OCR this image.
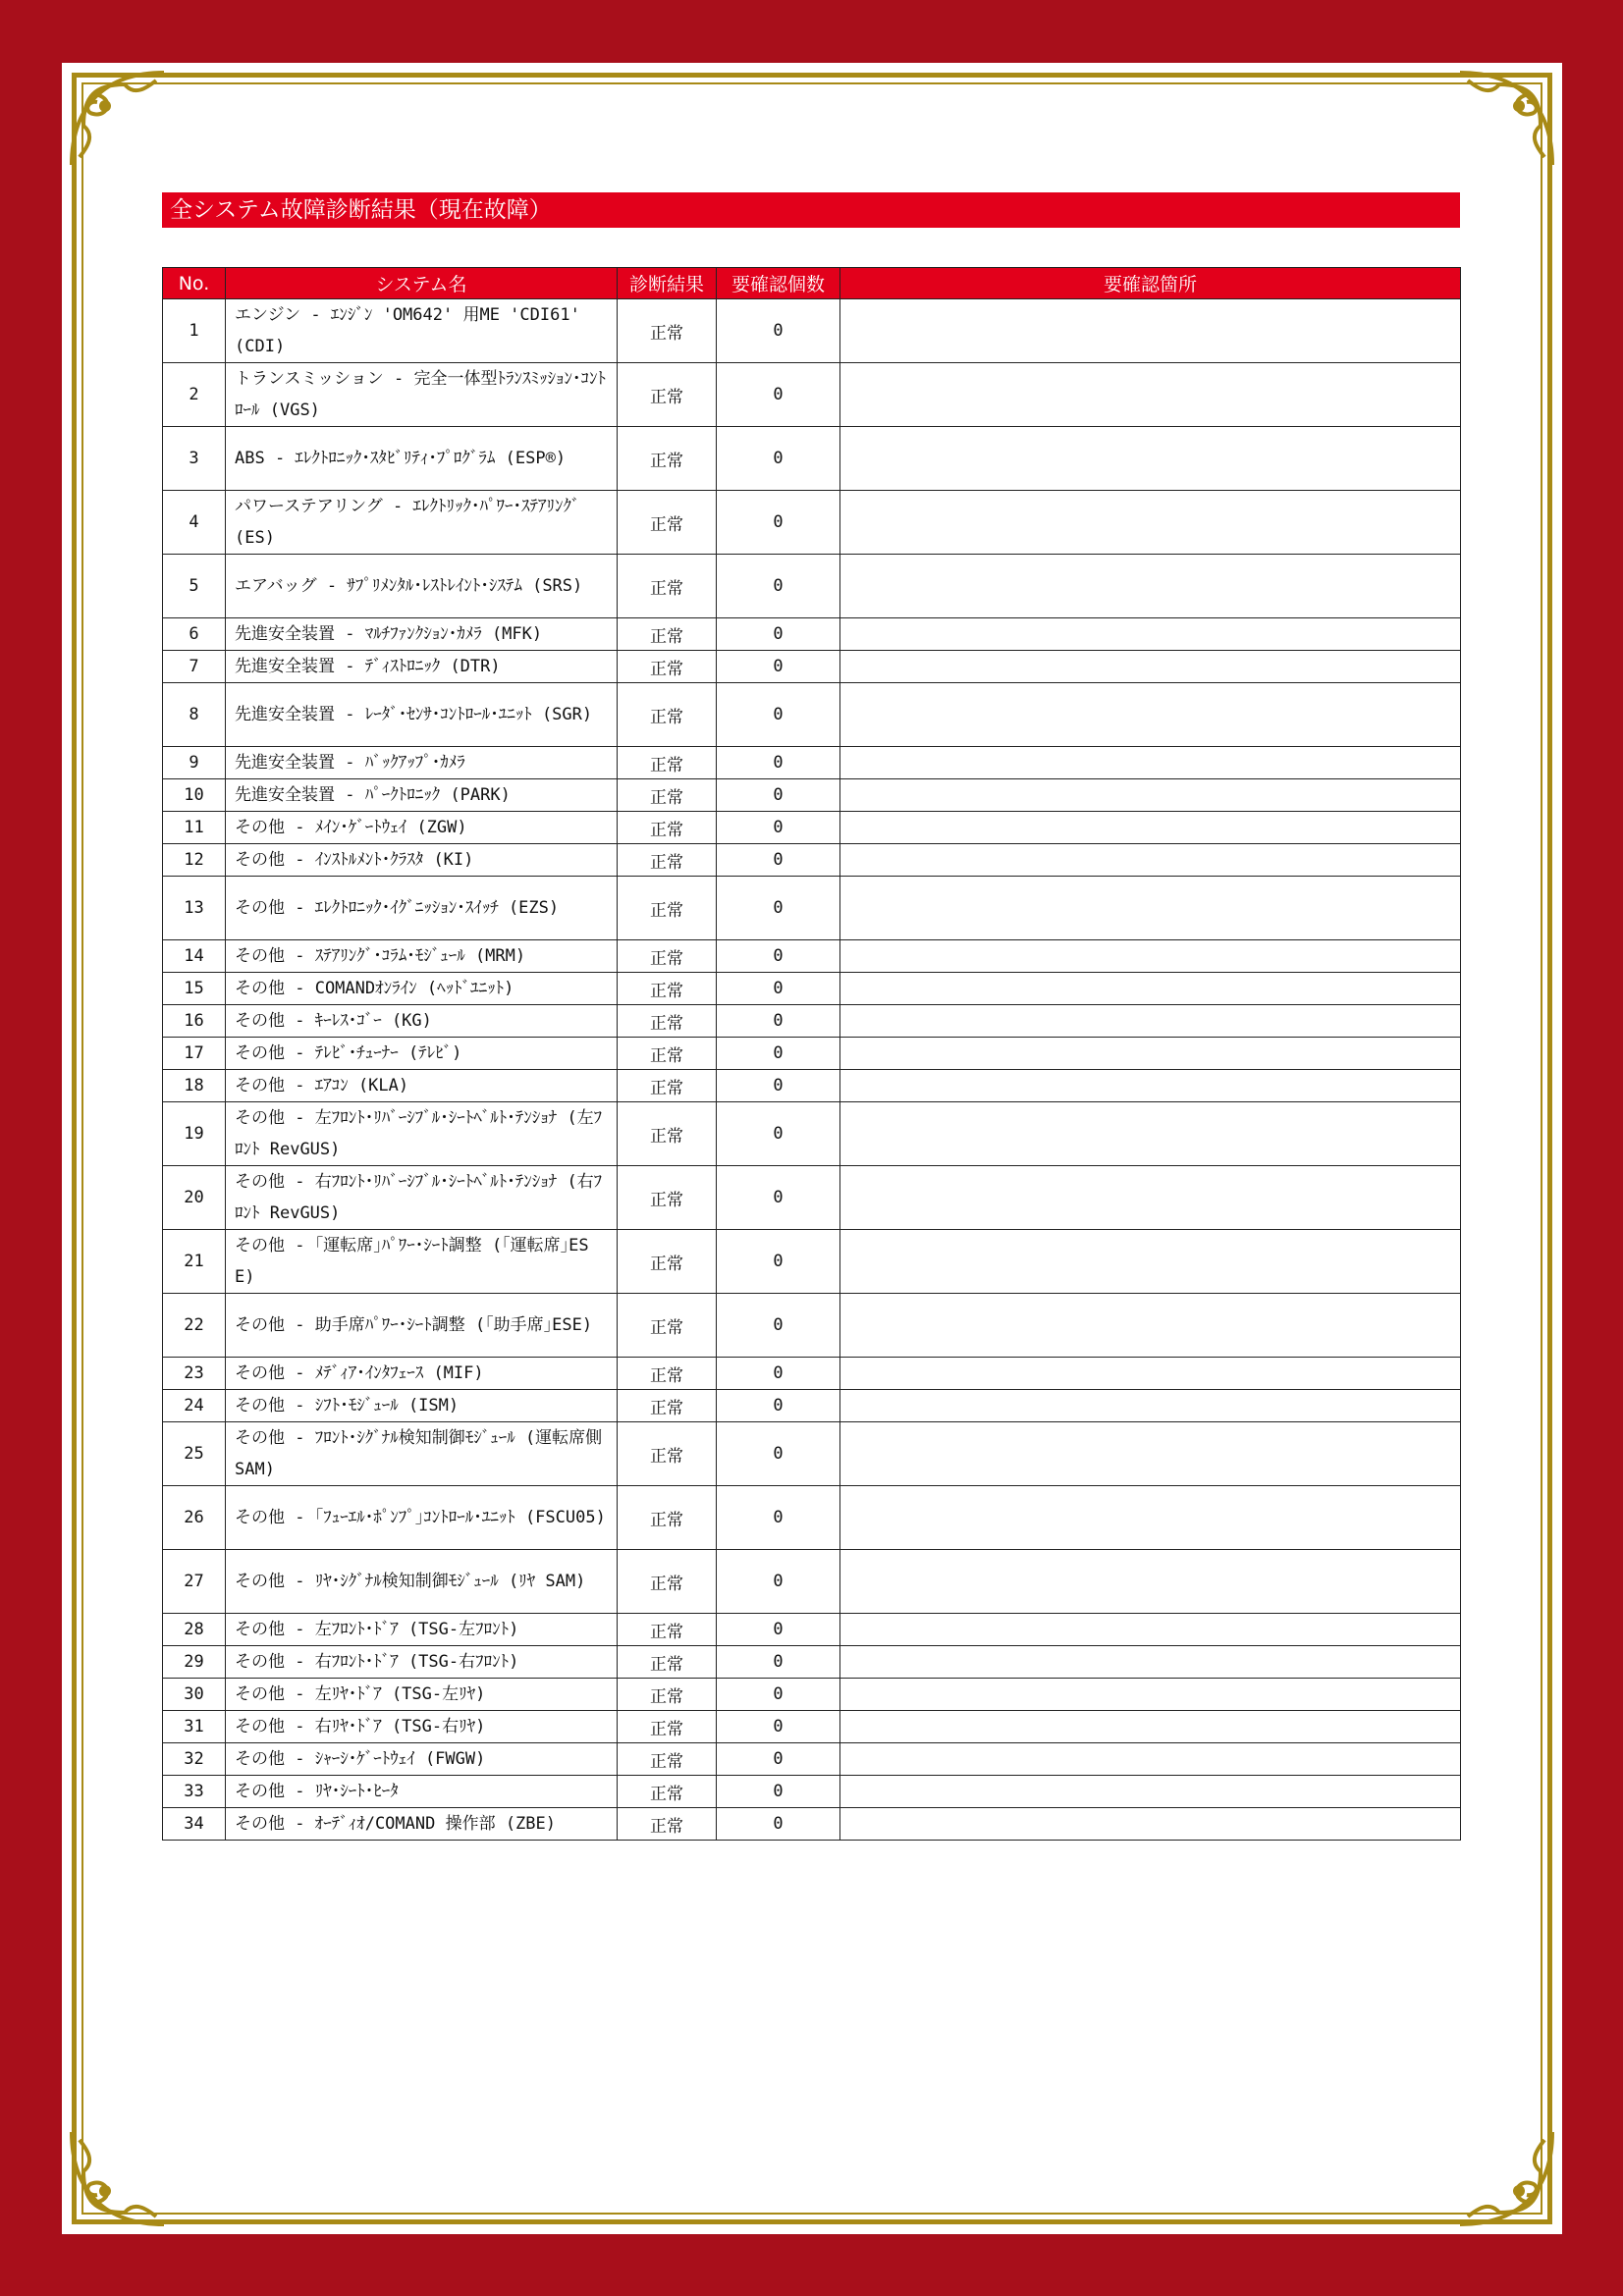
全システム故障診断結果（現在故障）
No.	システム名	診断結果	要確認個数	要確認箇所
1	エンジン - ｴﾝｼﾞﾝ 'OM642' 用ME 'CDI61' (CDI)	正常	0	
2	トランスミッション - 完全一体型ﾄﾗﾝｽﾐｯｼｮﾝ･ｺﾝﾄﾛｰﾙ (VGS)	正常	0	
3	ABS - ｴﾚｸﾄﾛﾆｯｸ･ｽﾀﾋﾞﾘﾃｨ･ﾌﾟﾛｸﾞﾗﾑ (ESP®)	正常	0	
4	パワーステアリング - ｴﾚｸﾄﾘｯｸ･ﾊﾟﾜｰ･ｽﾃｱﾘﾝｸﾞ (ES)	正常	0	
5	エアバッグ - ｻﾌﾟﾘﾒﾝﾀﾙ･ﾚｽﾄﾚｲﾝﾄ･ｼｽﾃﾑ (SRS)	正常	0	
6	先進安全装置 - ﾏﾙﾁﾌｧﾝｸｼｮﾝ･ｶﾒﾗ (MFK)	正常	0	
7	先進安全装置 - ﾃﾞｨｽﾄﾛﾆｯｸ (DTR)	正常	0	
8	先進安全装置 - ﾚｰﾀﾞ･ｾﾝｻ･ｺﾝﾄﾛｰﾙ･ﾕﾆｯﾄ (SGR)	正常	0	
9	先進安全装置 - ﾊﾞｯｸｱｯﾌﾟ･ｶﾒﾗ	正常	0	
10	先進安全装置 - ﾊﾟｰｸﾄﾛﾆｯｸ (PARK)	正常	0	
11	その他 - ﾒｲﾝ･ｹﾞｰﾄｳｪｲ (ZGW)	正常	0	
12	その他 - ｲﾝｽﾄﾙﾒﾝﾄ･ｸﾗｽﾀ (KI)	正常	0	
13	その他 - ｴﾚｸﾄﾛﾆｯｸ･ｲｸﾞﾆｯｼｮﾝ･ｽｲｯﾁ (EZS)	正常	0	
14	その他 - ｽﾃｱﾘﾝｸﾞ･ｺﾗﾑ･ﾓｼﾞｭｰﾙ (MRM)	正常	0	
15	その他 - COMANDｵﾝﾗｲﾝ (ﾍｯﾄﾞﾕﾆｯﾄ)	正常	0	
16	その他 - ｷｰﾚｽ･ｺﾞｰ (KG)	正常	0	
17	その他 - ﾃﾚﾋﾞ･ﾁｭｰﾅｰ (ﾃﾚﾋﾞ)	正常	0	
18	その他 - ｴｱｺﾝ (KLA)	正常	0	
19	その他 - 左ﾌﾛﾝﾄ･ﾘﾊﾞｰｼﾌﾞﾙ･ｼｰﾄﾍﾞﾙﾄ･ﾃﾝｼｮﾅ (左ﾌﾛﾝﾄ RevGUS)	正常	0	
20	その他 - 右ﾌﾛﾝﾄ･ﾘﾊﾞｰｼﾌﾞﾙ･ｼｰﾄﾍﾞﾙﾄ･ﾃﾝｼｮﾅ (右ﾌﾛﾝﾄ RevGUS)	正常	0	
21	その他 - ｢運転席｣ﾊﾟﾜｰ･ｼｰﾄ調整 (｢運転席｣ESE)	正常	0	
22	その他 - 助手席ﾊﾟﾜｰ･ｼｰﾄ調整 (｢助手席｣ESE)	正常	0	
23	その他 - ﾒﾃﾞｨｱ･ｲﾝﾀﾌｪｰｽ (MIF)	正常	0	
24	その他 - ｼﾌﾄ･ﾓｼﾞｭｰﾙ (ISM)	正常	0	
25	その他 - ﾌﾛﾝﾄ･ｼｸﾞﾅﾙ検知制御ﾓｼﾞｭｰﾙ (運転席側SAM)	正常	0	
26	その他 - ｢ﾌｭｰｴﾙ･ﾎﾟﾝﾌﾟ｣ｺﾝﾄﾛｰﾙ･ﾕﾆｯﾄ (FSCU05)	正常	0	
27	その他 - ﾘﾔ･ｼｸﾞﾅﾙ検知制御ﾓｼﾞｭｰﾙ (ﾘﾔ SAM)	正常	0	
28	その他 - 左ﾌﾛﾝﾄ･ﾄﾞｱ (TSG-左ﾌﾛﾝﾄ)	正常	0	
29	その他 - 右ﾌﾛﾝﾄ･ﾄﾞｱ (TSG-右ﾌﾛﾝﾄ)	正常	0	
30	その他 - 左ﾘﾔ･ﾄﾞｱ (TSG-左ﾘﾔ)	正常	0	
31	その他 - 右ﾘﾔ･ﾄﾞｱ (TSG-右ﾘﾔ)	正常	0	
32	その他 - ｼｬｰｼ･ｹﾞｰﾄｳｪｲ (FWGW)	正常	0	
33	その他 - ﾘﾔ･ｼｰﾄ･ﾋｰﾀ	正常	0	
34	その他 - ｵｰﾃﾞｨｵ/COMAND 操作部 (ZBE)	正常	0	
